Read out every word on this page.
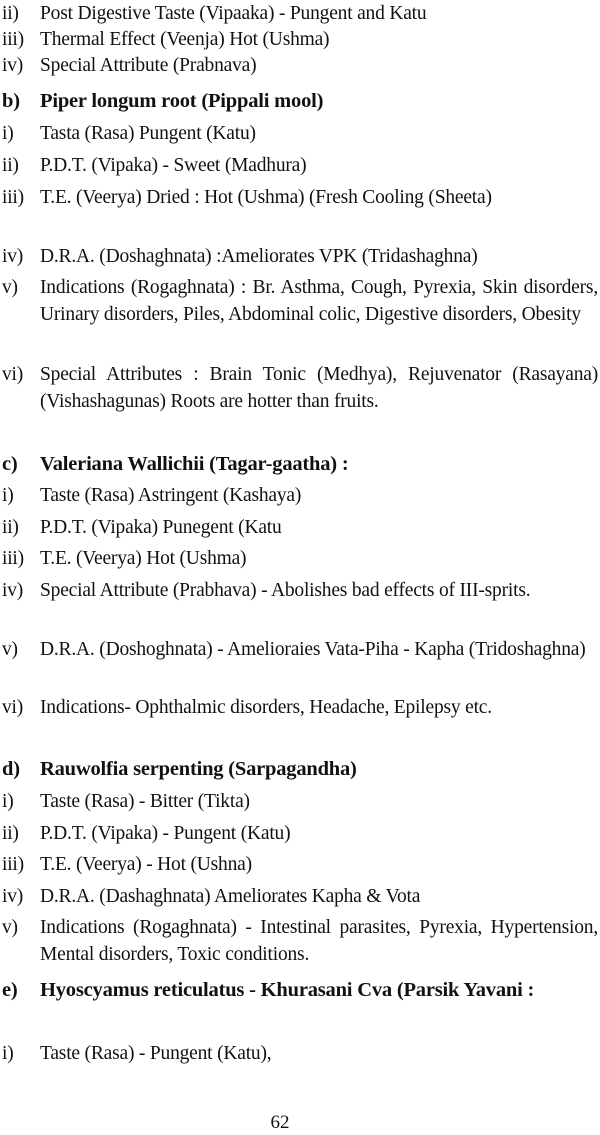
ii) Post Digestive Taste (Vipaaka) - Pungent and Katu
iii) Thermal Effect (Veenja) Hot (Ushma)
iv) Special Attribute (Prabnava)
b) Piper longum root (Pippali mool)
i) Tasta (Rasa) Pungent (Katu)
ii) P.D.T. (Vipaka) - Sweet (Madhura)
iii) T.E. (Veerya) Dried : Hot (Ushma) (Fresh Cooling (Sheeta)
iv) D.R.A. (Doshaghnata) :Ameliorates VPK (Tridashaghna)
v) Indications (Rogaghnata) : Br. Asthma, Cough, Pyrexia, Skin disorders, Urinary disorders, Piles, Abdominal colic, Digestive disorders, Obesity
vi) Special Attributes : Brain Tonic (Medhya), Rejuvenator (Rasayana) (Vishashagunas) Roots are hotter than fruits.
c) Valeriana Wallichii (Tagar-gaatha) :
i) Taste (Rasa) Astringent (Kashaya)
ii) P.D.T. (Vipaka) Punegent (Katu
iii) T.E. (Veerya) Hot (Ushma)
iv) Special Attribute (Prabhava) - Abolishes bad effects of III-sprits.
v) D.R.A. (Doshoghnata) - Amelioraies Vata-Piha - Kapha (Tridoshaghna)
vi) Indications- Ophthalmic disorders, Headache, Epilepsy etc.
d) Rauwolfia serpenting (Sarpagandha)
i) Taste (Rasa) - Bitter (Tikta)
ii) P.D.T. (Vipaka) - Pungent (Katu)
iii) T.E. (Veerya) - Hot (Ushna)
iv) D.R.A. (Dashaghnata) Ameliorates Kapha & Vota
v) Indications (Rogaghnata) - Intestinal parasites, Pyrexia, Hypertension, Mental disorders, Toxic conditions.
e) Hyoscyamus reticulatus - Khurasani Cva (Parsik Yavani :
i) Taste (Rasa) - Pungent (Katu),
62
